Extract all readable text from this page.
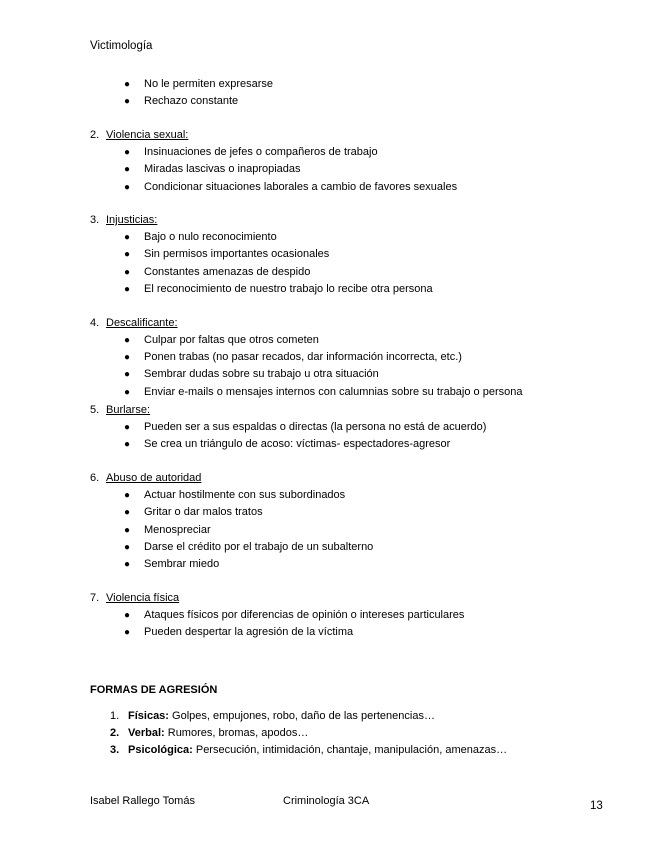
Victimología
● No le permiten expresarse
● Rechazo constante
2. Violencia sexual:
● Insinuaciones de jefes o compañeros de trabajo
● Miradas lascivas o inapropiadas
● Condicionar situaciones laborales a cambio de favores sexuales
3. Injusticias:
● Bajo o nulo reconocimiento
● Sin permisos importantes ocasionales
● Constantes amenazas de despido
● El reconocimiento de nuestro trabajo lo recibe otra persona
4. Descalificante:
● Culpar por faltas que otros cometen
● Ponen trabas (no pasar recados, dar información incorrecta, etc.)
● Sembrar dudas sobre su trabajo u otra situación
● Enviar e-mails o mensajes internos con calumnias sobre su trabajo o persona
5. Burlarse:
● Pueden ser a sus espaldas o directas (la persona no está de acuerdo)
● Se crea un triángulo de acoso: víctimas- espectadores-agresor
6. Abuso de autoridad
● Actuar hostilmente con sus subordinados
● Gritar o dar malos tratos
● Menospreciar
● Darse el crédito por el trabajo de un subalterno
● Sembrar miedo
7. Violencia física
● Ataques físicos por diferencias de opinión o intereses particulares
● Pueden despertar la agresión de la víctima
FORMAS DE AGRESIÓN
1. Físicas: Golpes, empujones, robo, daño de las pertenencias…
2. Verbal: Rumores, bromas, apodos…
3. Psicológica: Persecución, intimidación, chantaje, manipulación, amenazas…
Isabel Rallego Tomás	Criminología 3CA	13
